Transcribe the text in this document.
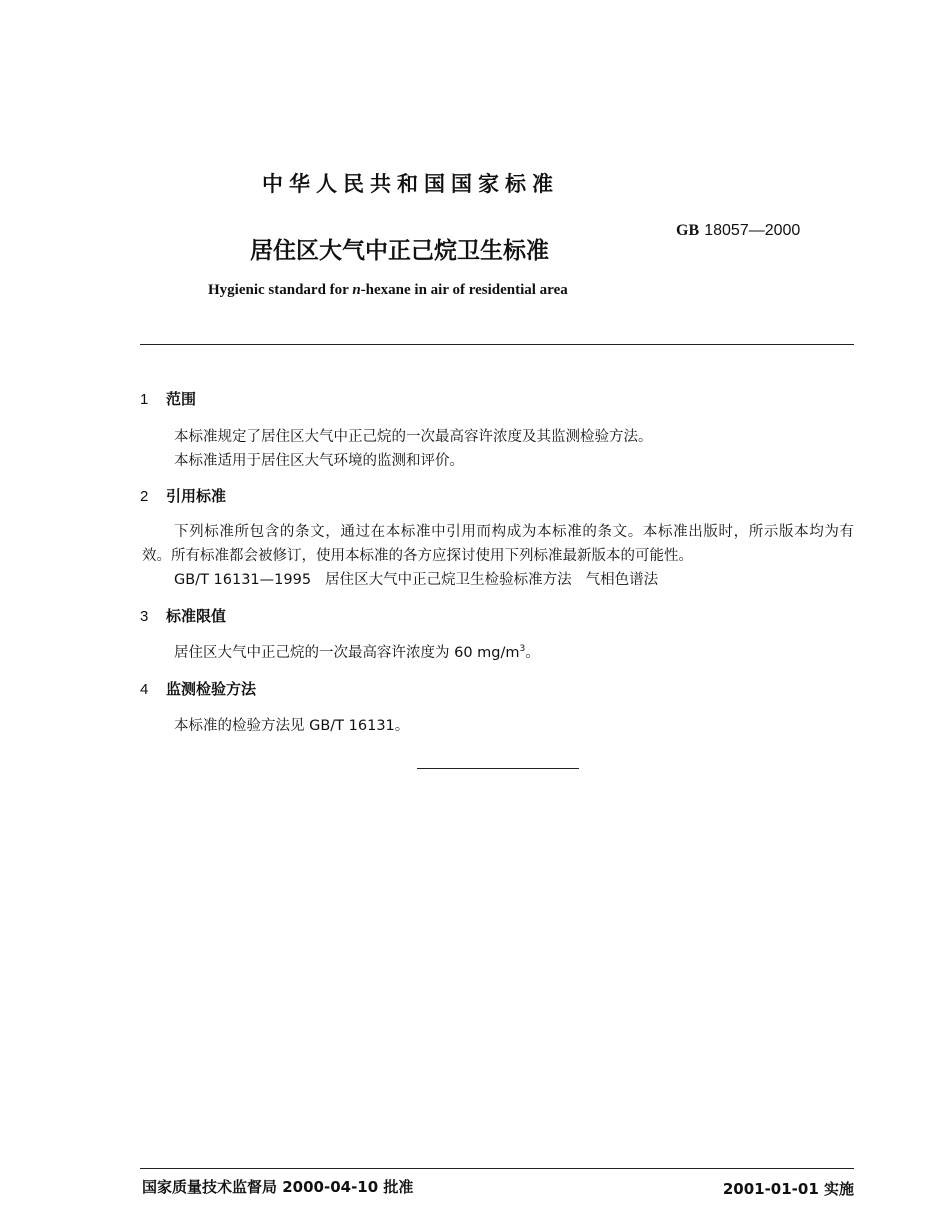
中华人民共和国国家标准
GB 18057—2000
居住区大气中正己烷卫生标准
Hygienic standard for n-hexane in air of residential area
1 范围
本标准规定了居住区大气中正己烷的一次最高容许浓度及其监测检验方法。
本标准适用于居住区大气环境的监测和评价。
2 引用标准
下列标准所包含的条文，通过在本标准中引用而构成为本标准的条文。本标准出版时，所示版本均为有效。所有标准都会被修订，使用本标准的各方应探讨使用下列标准最新版本的可能性。
GB/T 16131—1995 居住区大气中正己烷卫生检验标准方法 气相色谱法
3 标准限值
居住区大气中正己烷的一次最高容许浓度为 60 $mg/m^3$。
4 监测检验方法
本标准的检验方法见 GB/T 16131。
国家质量技术监督局 2000-04-10 批准	2001-01-01 实施
